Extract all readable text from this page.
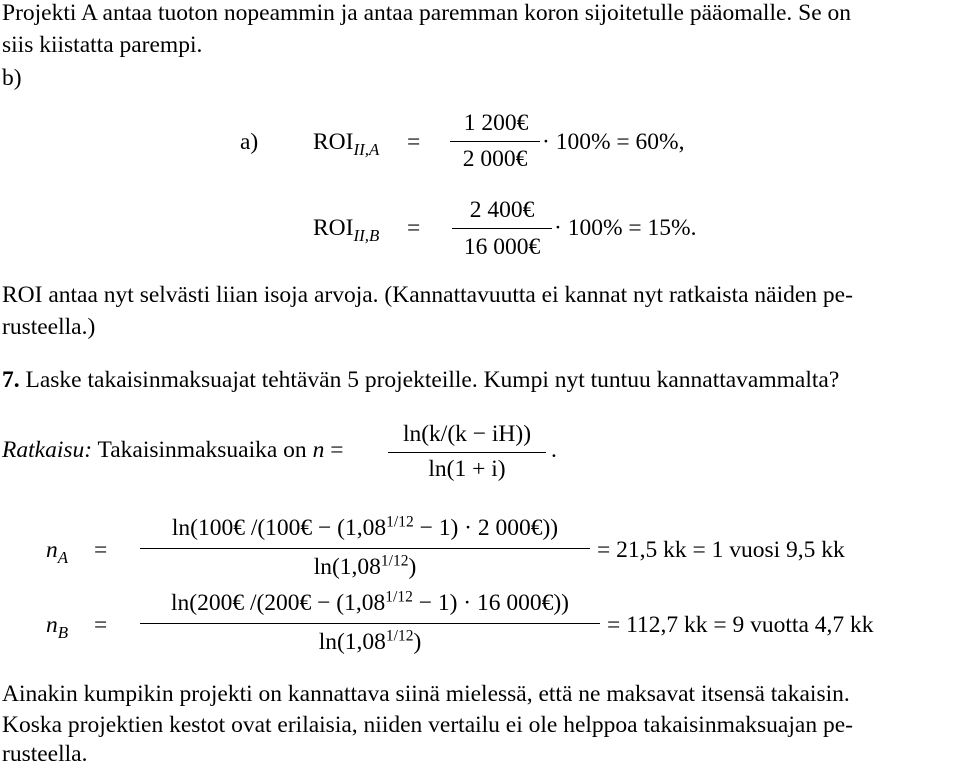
Projekti A antaa tuoton nopeammin ja antaa paremman koron sijoitetulle pääomalle. Se on
siis kiistatta parempi.
b)
a) $ROI_{II,A}$ =
1 200€
2 000€
· 100% = 60%,
$ROI_{II,B}$ =
2 400€
16 000€
· 100% = 15%.
ROI antaa nyt selvästi liian isoja arvoja. (Kannattavuutta ei kannat nyt ratkaista näiden pe-
rusteella.)
7. Laske takaisinmaksuajat tehtävän 5 projekteille. Kumpi nyt tuntuu kannattavammalta?
Ratkaisu: Takaisinmaksuaika on n =
ln(k/(k − iH))
ln(1 + i)
.
$n_A$ =
ln(100€ /(100€ − $(1,08^{1/12} - 1) \cdot 2$ 000€))
$\ln(1,08^{1/12})$
= 21,5 kk = 1 vuosi 9,5 kk
$n_B$ =
ln(200€ /(200€ − $(1,08^{1/12} - 1) \cdot 16$ 000€))
$\ln(1,08^{1/12})$
= 112,7 kk = 9 vuotta 4,7 kk
Ainakin kumpikin projekti on kannattava siinä mielessä, että ne maksavat itsensä takaisin.
Koska projektien kestot ovat erilaisia, niiden vertailu ei ole helppoa takaisinmaksuajan pe-
rusteella.
